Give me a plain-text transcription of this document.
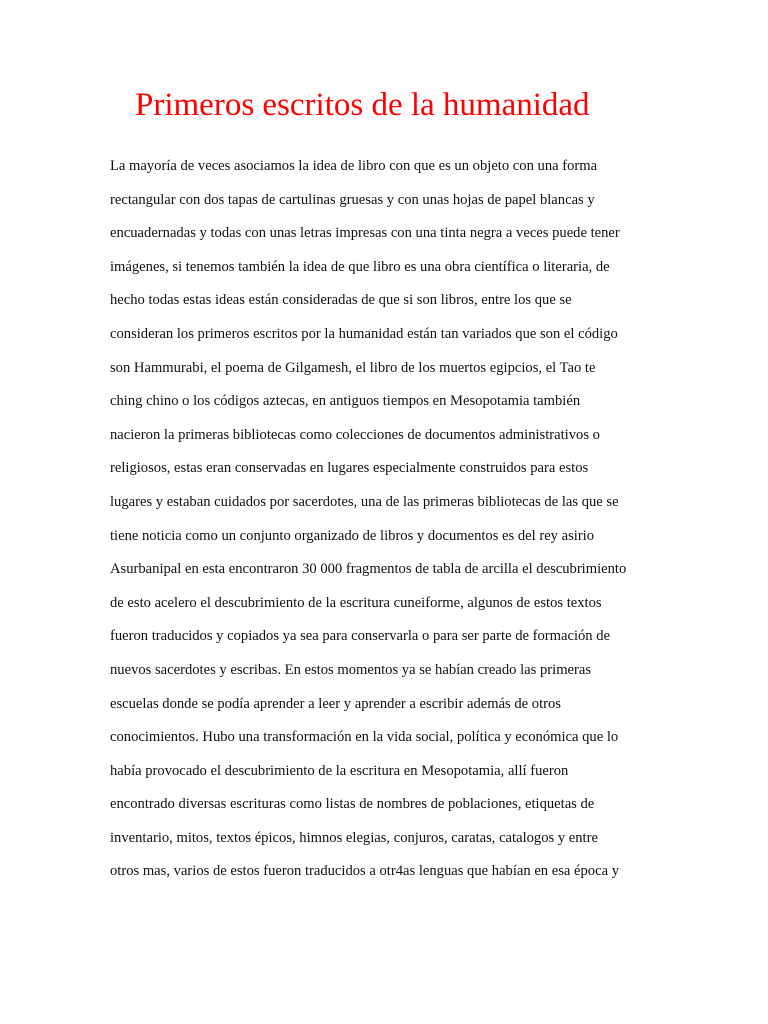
Primeros escritos de la humanidad
La mayoría de veces asociamos la idea de libro con que es un objeto con una forma
rectangular con dos tapas de cartulinas gruesas y con unas hojas de papel blancas y
encuadernadas y todas con unas letras impresas con una tinta negra a veces puede tener
imágenes, si tenemos también la idea de que libro es una obra científica o literaria, de
hecho todas estas ideas están consideradas de que si son libros, entre los que se
consideran los primeros escritos por la humanidad están tan variados que son el código
son Hammurabi, el poema de Gilgamesh, el libro de los muertos egipcios, el Tao te
ching chino o los códigos aztecas, en antiguos tiempos en Mesopotamia también
nacieron la primeras bibliotecas como colecciones de documentos administrativos o
religiosos, estas eran conservadas en lugares especialmente construidos para estos
lugares y estaban cuidados por sacerdotes, una de las primeras bibliotecas de las que se
tiene noticia como un conjunto organizado de libros y documentos es del rey asirio
Asurbanipal en esta encontraron 30 000 fragmentos de tabla de arcilla el descubrimiento
de esto acelero el descubrimiento de la escritura cuneiforme, algunos de estos textos
fueron traducidos y copiados ya sea para conservarla o para ser parte de formación de
nuevos sacerdotes y escribas. En estos momentos ya se habían creado las primeras
escuelas donde se podía aprender a leer y aprender a escribir además de otros
conocimientos. Hubo una transformación en la vida social, política y económica que lo
había provocado el descubrimiento de la escritura en Mesopotamia, allí fueron
encontrado diversas escrituras como listas de nombres de poblaciones, etiquetas de
inventario, mitos, textos épicos, himnos elegias, conjuros, caratas, catalogos y entre
otros mas, varios de estos fueron traducidos a otr4as lenguas que habían en esa época y
